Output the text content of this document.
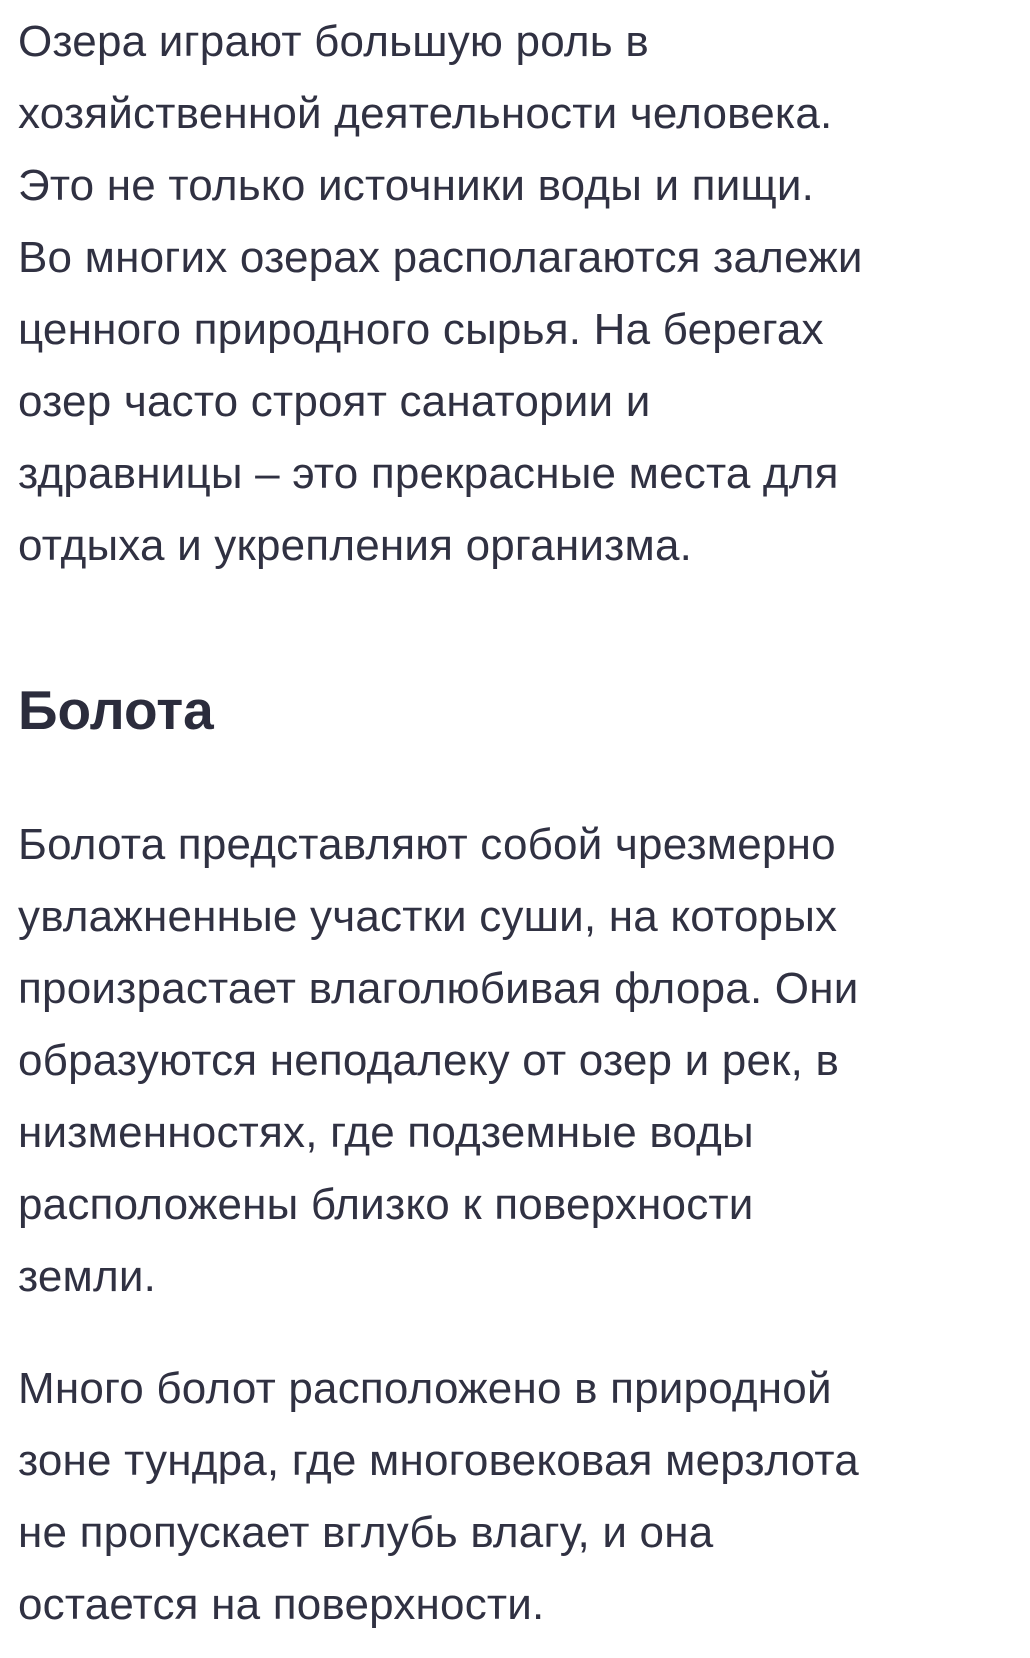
Озера играют большую роль в
хозяйственной деятельности человека.
Это не только источники воды и пищи.
Во многих озерах располагаются залежи
ценного природного сырья. На берегах
озер часто строят санатории и
здравницы – это прекрасные места для
отдыха и укрепления организма.

Болота

Болота представляют собой чрезмерно
увлажненные участки суши, на которых
произрастает влаголюбивая флора. Они
образуются неподалеку от озер и рек, в
низменностях, где подземные воды
расположены близко к поверхности
земли.

Много болот расположено в природной
зоне тундра, где многовековая мерзлота
не пропускает вглубь влагу, и она
остается на поверхности.
